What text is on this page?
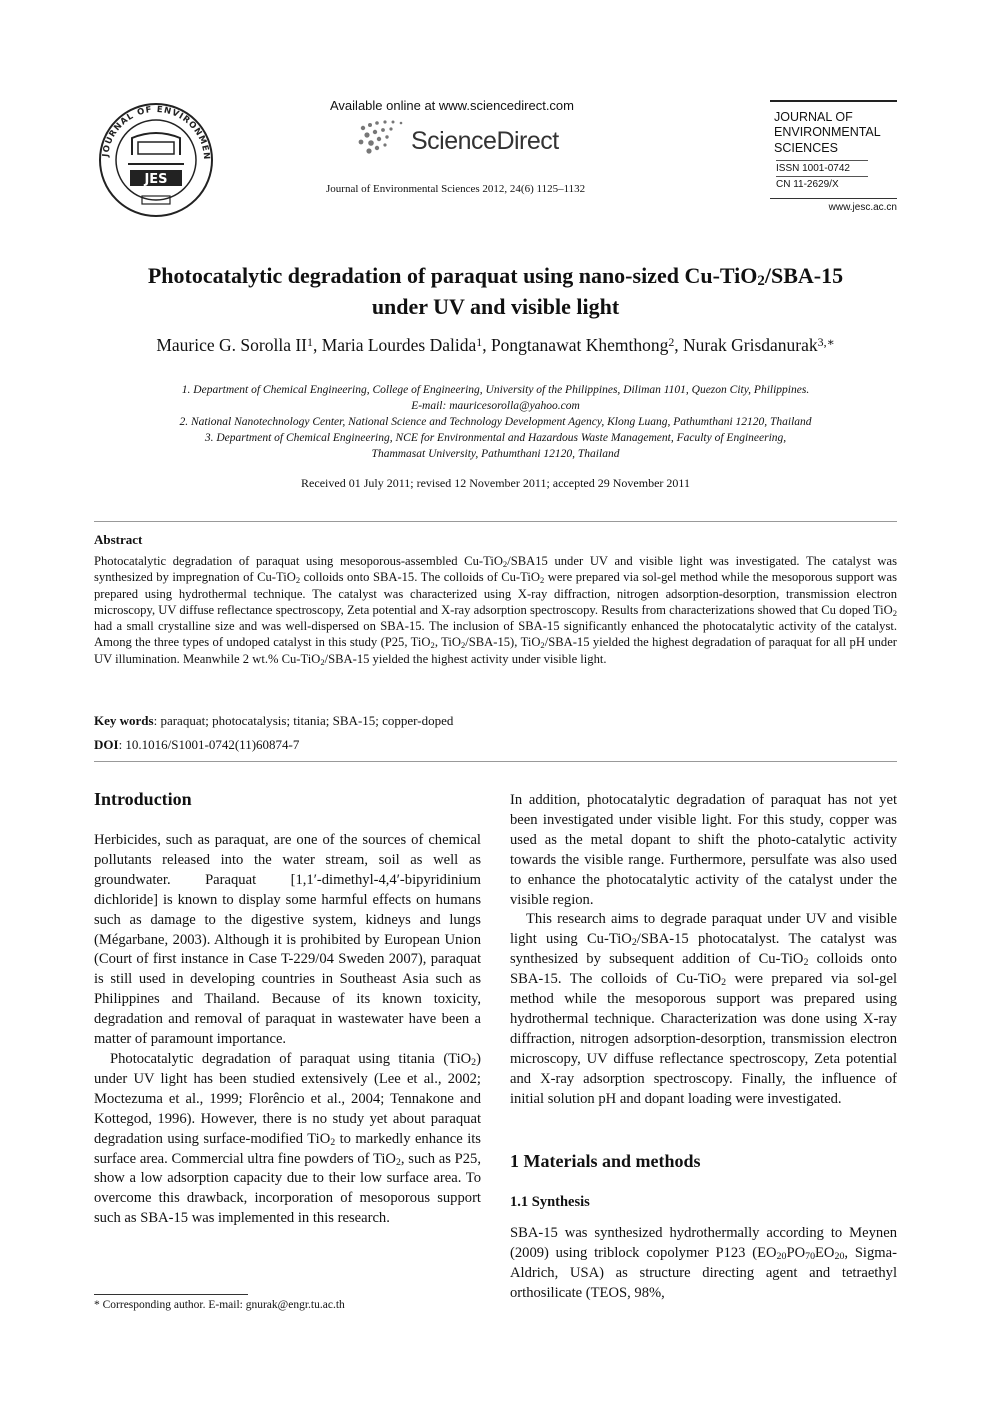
JOURNAL OF ENVIRONMEN
JES
Available online at www.sciencedirect.com
ScienceDirect
Journal of Environmental Sciences 2012, 24(6) 1125–1132
JOURNAL OF
ENVIRONMENTAL
SCIENCES
ISSN 1001-0742
CN 11-2629/X
www.jesc.ac.cn
Photocatalytic degradation of paraquat using nano-sized Cu-TiO$_2$/SBA-15
under UV and visible light
Maurice G. Sorolla $II^1$, Maria Lourdes Dalida$^1$, Pongtanawat Khemthong$^2$, Nurak Grisdanurak$^{3,∗}$
1. Department of Chemical Engineering, College of Engineering, University of the Philippines, Diliman 1101, Quezon City, Philippines.
E-mail: mauricesorolla@yahoo.com
2. National Nanotechnology Center, National Science and Technology Development Agency, Klong Luang, Pathumthani 12120, Thailand
3. Department of Chemical Engineering, NCE for Environmental and Hazardous Waste Management, Faculty of Engineering,
Thammasat University, Pathumthani 12120, Thailand
Received 01 July 2011; revised 12 November 2011; accepted 29 November 2011
Abstract
Photocatalytic degradation of paraquat using mesoporous-assembled Cu-TiO$_2$/SBA15 under UV and visible light was investigated. The catalyst was synthesized by impregnation of Cu-TiO$_2$ colloids onto SBA-15. The colloids of Cu-TiO$_2$ were prepared via sol-gel method while the mesoporous support was prepared using hydrothermal technique. The catalyst was characterized using X-ray diffraction, nitrogen adsorption-desorption, transmission electron microscopy, UV diffuse reflectance spectroscopy, Zeta potential and X-ray adsorption spectroscopy. Results from characterizations showed that Cu doped TiO$_2$ had a small crystalline size and was well-dispersed on SBA-15. The inclusion of SBA-15 significantly enhanced the photocatalytic activity of the catalyst. Among the three types of undoped catalyst in this study (P25, TiO$_2$, TiO$_2$/SBA-15), TiO$_2$/SBA-15 yielded the highest degradation of paraquat for all pH under UV illumination. Meanwhile 2 wt.% Cu-TiO$_2$/SBA-15 yielded the highest activity under visible light.
Key words: paraquat; photocatalysis; titania; SBA-15; copper-doped
DOI: 10.1016/S1001-0742(11)60874-7
Introduction

Herbicides, such as paraquat, are one of the sources of chemical pollutants released into the water stream, soil as well as groundwater. Paraquat [1,1′-dimethyl-4,4′-bipyridinium dichloride] is known to display some harmful effects on humans such as damage to the digestive system, kidneys and lungs (Mégarbane, 2003). Although it is prohibited by European Union (Court of first instance in Case T-229/04 Sweden 2007), paraquat is still used in developing countries in Southeast Asia such as Philippines and Thailand. Because of its known toxicity, degradation and removal of paraquat in wastewater have been a matter of paramount importance.

Photocatalytic degradation of paraquat using titania (TiO$_2$) under UV light has been studied extensively (Lee et al., 2002; Moctezuma et al., 1999; Florêncio et al., 2004; Tennakone and Kottegod, 1996). However, there is no study yet about paraquat degradation using surface-modified TiO$_2$ to markedly enhance its surface area. Commercial ultra fine powders of TiO$_2$, such as P25, show a low adsorption capacity due to their low surface area. To overcome this drawback, incorporation of mesoporous support such as SBA-15 was implemented in this research.

In addition, photocatalytic degradation of paraquat has not yet been investigated under visible light. For this study, copper was used as the metal dopant to shift the photo-catalytic activity towards the visible range. Furthermore, persulfate was also used to enhance the photocatalytic activity of the catalyst under the visible region.

This research aims to degrade paraquat under UV and visible light using Cu-TiO$_2$/SBA-15 photocatalyst. The catalyst was synthesized by subsequent addition of Cu-TiO$_2$ colloids onto SBA-15. The colloids of Cu-TiO$_2$ were prepared via sol-gel method while the mesoporous support was prepared using hydrothermal technique. Characterization was done using X-ray diffraction, nitrogen adsorption-desorption, transmission electron microscopy, UV diffuse reflectance spectroscopy, Zeta potential and X-ray adsorption spectroscopy. Finally, the influence of initial solution pH and dopant loading were investigated.

1 Materials and methods
1.1 Synthesis

SBA-15 was synthesized hydrothermally according to Meynen (2009) using triblock copolymer P123 ($EO_{20}PO_{70}EO_{20}$, Sigma-Aldrich, USA) as structure directing agent and tetraethyl orthosilicate (TEOS, 98%,

* Corresponding author. E-mail: gnurak@engr.tu.ac.th
